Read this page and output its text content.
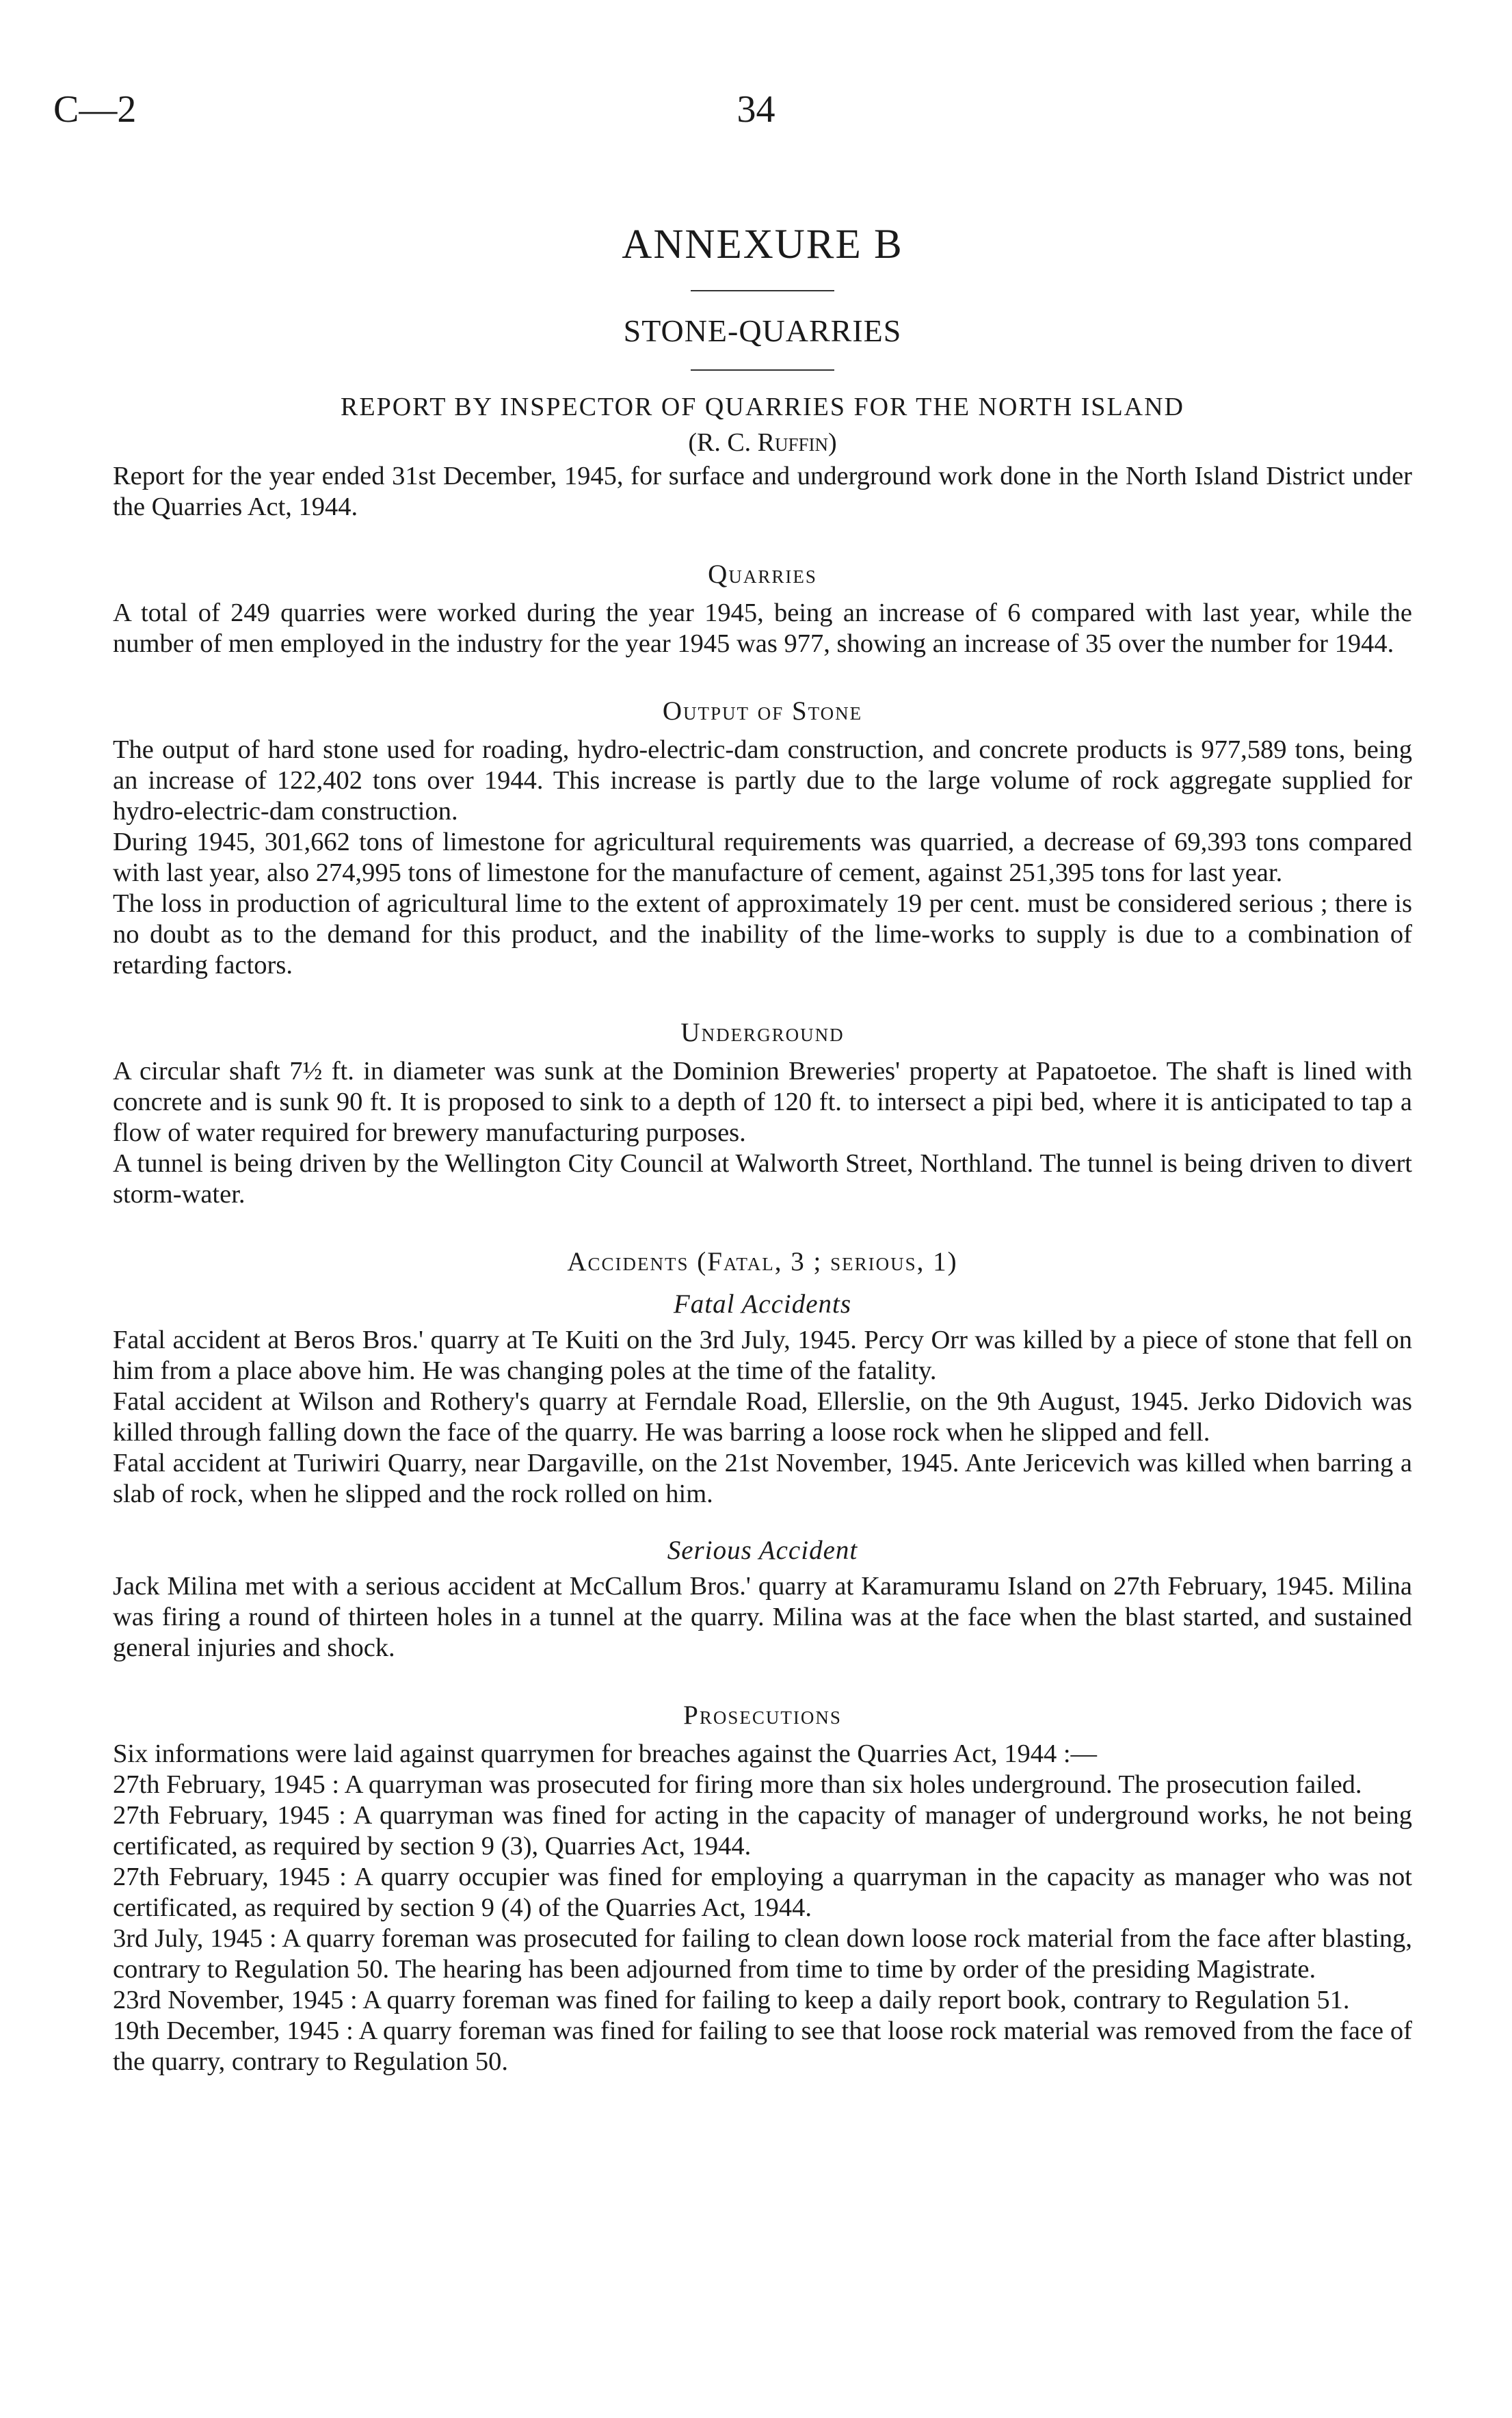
C—2	34
ANNEXURE B
STONE-QUARRIES
REPORT BY INSPECTOR OF QUARRIES FOR THE NORTH ISLAND
(R. C. Ruffin)

Report for the year ended 31st December, 1945, for surface and underground work done in the North Island District under the Quarries Act, 1944.

Quarries

A total of 249 quarries were worked during the year 1945, being an increase of 6 compared with last year, while the number of men employed in the industry for the year 1945 was 977, showing an increase of 35 over the number for 1944.

Output of Stone

The output of hard stone used for roading, hydro-electric-dam construction, and concrete products is 977,589 tons, being an increase of 122,402 tons over 1944. This increase is partly due to the large volume of rock aggregate supplied for hydro-electric-dam construction.

During 1945, 301,662 tons of limestone for agricultural requirements was quarried, a decrease of 69,393 tons compared with last year, also 274,995 tons of limestone for the manufacture of cement, against 251,395 tons for last year.

The loss in production of agricultural lime to the extent of approximately 19 per cent. must be considered serious ; there is no doubt as to the demand for this product, and the inability of the lime-works to supply is due to a combination of retarding factors.

Underground

A circular shaft 7½ ft. in diameter was sunk at the Dominion Breweries' property at Papatoetoe. The shaft is lined with concrete and is sunk 90 ft. It is proposed to sink to a depth of 120 ft. to intersect a pipi bed, where it is anticipated to tap a flow of water required for brewery manufacturing purposes.

A tunnel is being driven by the Wellington City Council at Walworth Street, Northland. The tunnel is being driven to divert storm-water.

Accidents (Fatal, 3 ; serious, 1)
Fatal Accidents

Fatal accident at Beros Bros.' quarry at Te Kuiti on the 3rd July, 1945. Percy Orr was killed by a piece of stone that fell on him from a place above him. He was changing poles at the time of the fatality.

Fatal accident at Wilson and Rothery's quarry at Ferndale Road, Ellerslie, on the 9th August, 1945. Jerko Didovich was killed through falling down the face of the quarry. He was barring a loose rock when he slipped and fell.

Fatal accident at Turiwiri Quarry, near Dargaville, on the 21st November, 1945. Ante Jericevich was killed when barring a slab of rock, when he slipped and the rock rolled on him.

Serious Accident

Jack Milina met with a serious accident at McCallum Bros.' quarry at Karamuramu Island on 27th February, 1945. Milina was firing a round of thirteen holes in a tunnel at the quarry. Milina was at the face when the blast started, and sustained general injuries and shock.

Prosecutions

Six informations were laid against quarrymen for breaches against the Quarries Act, 1944 :—

27th February, 1945 : A quarryman was prosecuted for firing more than six holes underground. The prosecution failed.

27th February, 1945 : A quarryman was fined for acting in the capacity of manager of underground works, he not being certificated, as required by section 9 (3), Quarries Act, 1944.

27th February, 1945 : A quarry occupier was fined for employing a quarryman in the capacity as manager who was not certificated, as required by section 9 (4) of the Quarries Act, 1944.

3rd July, 1945 : A quarry foreman was prosecuted for failing to clean down loose rock material from the face after blasting, contrary to Regulation 50. The hearing has been adjourned from time to time by order of the presiding Magistrate.

23rd November, 1945 : A quarry foreman was fined for failing to keep a daily report book, contrary to Regulation 51.

19th December, 1945 : A quarry foreman was fined for failing to see that loose rock material was removed from the face of the quarry, contrary to Regulation 50.
